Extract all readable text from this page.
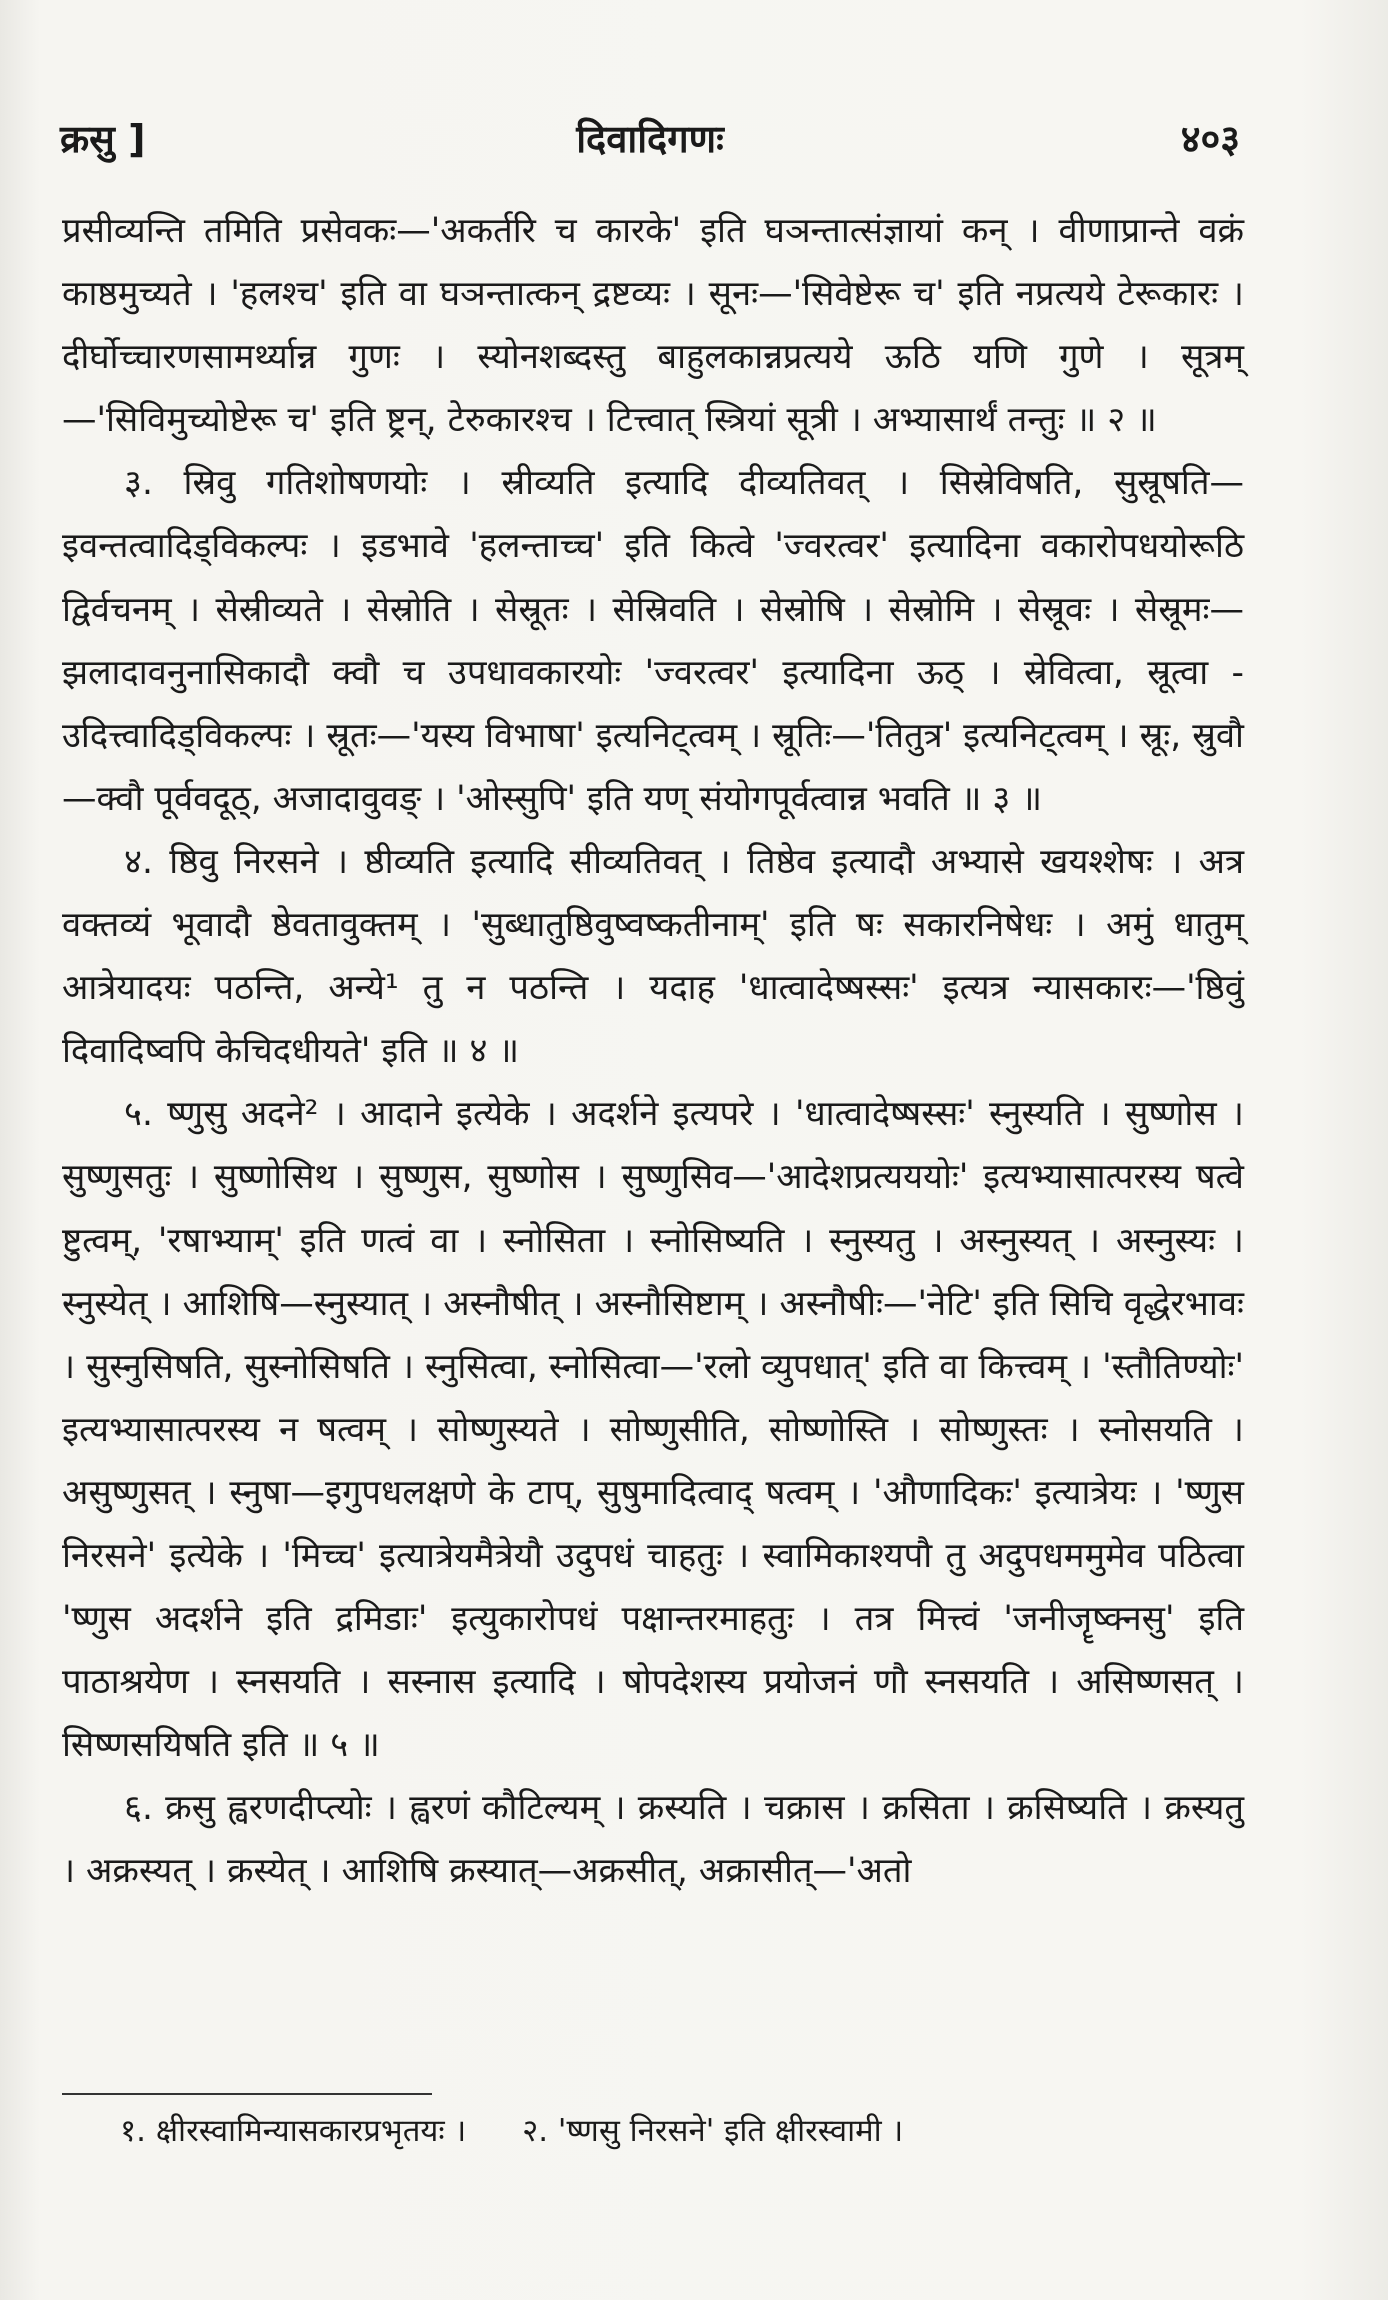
क्रसु ]	दिवादिगणः	४०३

प्रसीव्यन्ति तमिति प्रसेवकः—'अकर्तरि च कारके' इति घञन्तात्संज्ञायां कन् । वीणाप्रान्ते वक्रं काष्ठमुच्यते । 'हलश्च' इति वा घञन्तात्कन् द्रष्टव्यः । सूनः—'सिवेष्टेरू च' इति नप्रत्यये टेरूकारः । दीर्घोच्चारणसामर्थ्यान्न गुणः । स्योनशब्दस्तु बाहुलकान्नप्रत्यये ऊठि यणि गुणे । सूत्रम्—'सिविमुच्योष्टेरू च' इति ष्ट्रन्, टेरुकारश्च । टित्त्वात् स्त्रियां सूत्री । अभ्यासार्थं तन्तुः ॥ २ ॥

३. स्रिवु गतिशोषणयोः । स्रीव्यति इत्यादि दीव्यतिवत् । सिस्रेविषति, सुस्रूषति—इवन्तत्वादिड्विकल्पः । इडभावे 'हलन्ताच्च' इति कित्वे 'ज्वरत्वर' इत्यादिना वकारोपधयोरूठि द्विर्वचनम् । सेस्रीव्यते । सेस्रोति । सेस्रूतः । सेस्रिवति । सेस्रोषि । सेस्रोमि । सेस्रूवः । सेस्रूमः—झलादावनुनासिकादौ क्वौ च उपधावकारयोः 'ज्वरत्वर' इत्यादिना ऊठ् । स्रेवित्वा, स्रूत्वा - उदित्त्वादिड्विकल्पः । स्रूतः—'यस्य विभाषा' इत्यनिट्त्वम् । स्रूतिः—'तितुत्र' इत्यनिट्त्वम् । स्रूः, स्रुवौ—क्वौ पूर्ववदूठ्, अजादावुवङ् । 'ओस्सुपि' इति यण् संयोगपूर्वत्वान्न भवति ॥ ३ ॥

४. ष्ठिवु निरसने । ष्ठीव्यति इत्यादि सीव्यतिवत् । तिष्ठेव इत्यादौ अभ्यासे खयश्शेषः । अत्र वक्तव्यं भूवादौ ष्ठेवतावुक्तम् । 'सुब्धातुष्ठिवुष्वष्कतीनाम्' इति षः सकारनिषेधः । अमुं धातुम् आत्रेयादयः पठन्ति, अन्ये¹ तु न पठन्ति । यदाह 'धात्वादेष्षस्सः' इत्यत्र न्यासकारः—'ष्ठिवुं दिवादिष्वपि केचिदधीयते' इति ॥ ४ ॥

५. ष्णुसु अदने² । आदाने इत्येके । अदर्शने इत्यपरे । 'धात्वादेष्षस्सः' स्नुस्यति । सुष्णोस । सुष्णुसतुः । सुष्णोसिथ । सुष्णुस, सुष्णोस । सुष्णुसिव—'आदेशप्रत्यययोः' इत्यभ्यासात्परस्य षत्वे ष्टुत्वम्, 'रषाभ्याम्' इति णत्वं वा । स्नोसिता । स्नोसिष्यति । स्नुस्यतु । अस्नुस्यत् । अस्नुस्यः । स्नुस्येत् । आशिषि—स्नुस्यात् । अस्नौषीत् । अस्नौसिष्टाम् । अस्नौषीः—'नेटि' इति सिचि वृद्धेरभावः । सुस्नुसिषति, सुस्नोसिषति । स्नुसित्वा, स्नोसित्वा—'रलो व्युपधात्' इति वा कित्त्वम् । 'स्तौतिण्योः' इत्यभ्यासात्परस्य न षत्वम् । सोष्णुस्यते । सोष्णुसीति, सोष्णोस्ति । सोष्णुस्तः । स्नोसयति । असुष्णुसत् । स्नुषा—इगुपधलक्षणे के टाप्, सुषुमादित्वाद् षत्वम् । 'औणादिकः' इत्यात्रेयः । 'ष्णुस निरसने' इत्येके । 'मिच्च' इत्यात्रेयमैत्रेयौ उदुपधं चाहतुः । स्वामिकाश्यपौ तु अदुपधममुमेव पठित्वा 'ष्णुस अदर्शने इति द्रमिडाः' इत्युकारोपधं पक्षान्तरमाहतुः । तत्र मित्त्वं 'जनीजॄष्क्नसु' इति पाठाश्रयेण । स्नसयति । सस्नास इत्यादि । षोपदेशस्य प्रयोजनं णौ स्नसयति । असिष्णसत् । सिष्णसयिषति इति ॥ ५ ॥

६. क्रसु ह्वरणदीप्त्योः । ह्वरणं कौटिल्यम् । क्रस्यति । चक्रास । क्रसिता । क्रसिष्यति । क्रस्यतु । अक्रस्यत् । क्रस्येत् । आशिषि क्रस्यात्—अक्रसीत्, अक्रासीत्—'अतो

१. क्षीरस्वामिन्यासकारप्रभृतयः । २. 'ष्णसु निरसने' इति क्षीरस्वामी ।
